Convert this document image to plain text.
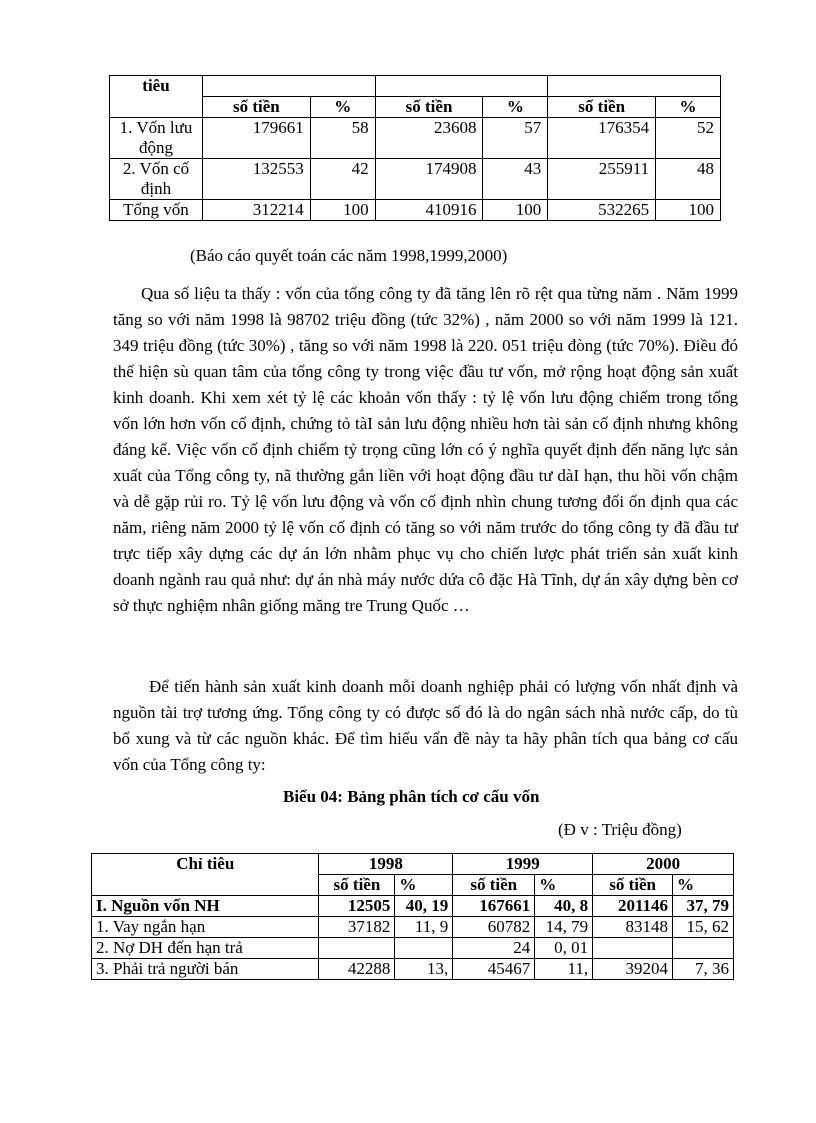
tiêu						
	số tiền	%	số tiền	%	số tiền	%
1. Vốn lưu động	179661	58	23608	57	176354	52
2. Vốn cố định	132553	42	174908	43	255911	48
Tổng vốn	312214	100	410916	100	532265	100
(Báo cáo quyết toán các năm 1998,1999,2000)

Qua số liệu ta thấy : vốn của tổng công ty đã tăng lên rõ rệt qua từng năm . Năm 1999 tăng so với năm 1998 là 98702 triệu đồng (tức 32%) , năm 2000 so với năm 1999 là 121. 349 triệu đồng (tức 30%) , tăng so với năm 1998 là 220. 051 triệu đòng (tức 70%). Điều đó thể hiện sù quan tâm của tổng công ty trong việc đầu tư vốn, mở rộng hoạt động sản xuất kinh doanh. Khi xem xét tỷ lệ các khoản vốn thấy : tỷ lệ vốn lưu động chiếm trong tổng vốn lớn hơn vốn cố định, chứng tỏ tàI sản lưu động nhiều hơn tài sản cố định nhưng không đáng kể. Việc vốn cố định chiếm tỷ trọng cũng lớn có ý nghĩa quyết định đến năng lực sản xuất của Tổng công ty, nã thường gắn liền với hoạt động đầu tư dàI hạn, thu hồi vốn chậm và dễ gặp rủi ro. Tỷ lệ vốn lưu động và vốn cố định nhìn chung tương đối ổn định qua các năm, riêng năm 2000 tỷ lệ vốn cố định có tăng so với năm trước do tổng công ty đã đầu tư trực tiếp xây dựng các dự án lớn nhằm phục vụ cho chiến lược phát triển sản xuất kinh doanh ngành rau quả như: dự án nhà máy nước dứa cô đặc Hà Tĩnh, dự án xây dựng bèn cơ sở thực nghiệm nhân giống măng tre Trung Quốc …

Để tiến hành sản xuất kinh doanh mỗi doanh nghiệp phải có lượng vốn nhất định và nguồn tài trợ tương ứng. Tổng công ty có được số đó là do ngân sách nhà nước cấp, do tù bổ xung và từ các nguồn khác. Để tìm hiểu vấn đề này ta hãy phân tích qua bảng cơ cấu vốn của Tổng công ty:

Biểu 04: Bảng phân tích cơ cấu vốn
(Đ v : Triệu đồng)
Chỉ tiêu	1998		1999		2000	
	số tiền	%	số tiền	%	số tiền	%
I. Nguồn vốn NH	12505	40, 19	167661	40, 8	201146	37, 79
1. Vay ngắn hạn	37182	11, 9	60782	14, 79	83148	15, 62
2. Nợ DH đến hạn trả			24	0, 01		
3. Phải trả người bán	42288	13,	45467	11,	39204	7, 36
